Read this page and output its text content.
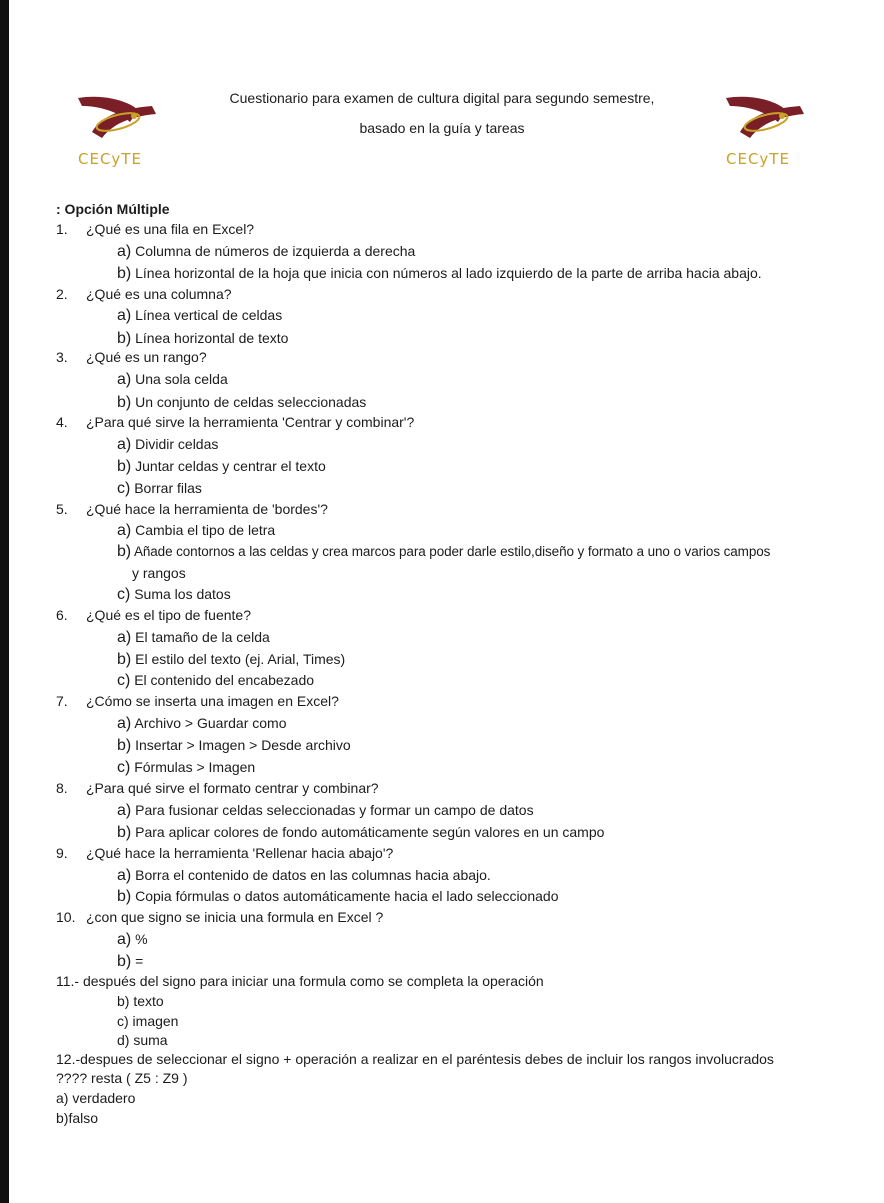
CECyTE	CECyTE
Cuestionario para examen de cultura digital para segundo semestre,
basado en la guía y tareas
: Opción Múltiple
1. ¿Qué es una fila en Excel?
a) Columna de números de izquierda a derecha
b) Línea horizontal de la hoja que inicia con números al lado izquierdo de la parte de arriba hacia abajo.
2. ¿Qué es una columna?
a) Línea vertical de celdas
b) Línea horizontal de texto
3. ¿Qué es un rango?
a) Una sola celda
b) Un conjunto de celdas seleccionadas
4. ¿Para qué sirve la herramienta 'Centrar y combinar'?
a) Dividir celdas
b) Juntar celdas y centrar el texto
c) Borrar filas
5. ¿Qué hace la herramienta de 'bordes'?
a) Cambia el tipo de letra
b) Añade contornos a las celdas y crea marcos para poder darle estilo,diseño y formato a uno o varios campos
y rangos
c) Suma los datos
6. ¿Qué es el tipo de fuente?
a) El tamaño de la celda
b) El estilo del texto (ej. Arial, Times)
c) El contenido del encabezado
7. ¿Cómo se inserta una imagen en Excel?
a) Archivo > Guardar como
b) Insertar > Imagen > Desde archivo
c) Fórmulas > Imagen
8. ¿Para qué sirve el formato centrar y combinar?
a) Para fusionar celdas seleccionadas y formar un campo de datos
b) Para aplicar colores de fondo automáticamente según valores en un campo
9. ¿Qué hace la herramienta 'Rellenar hacia abajo'?
a) Borra el contenido de datos en las columnas hacia abajo.
b) Copia fórmulas o datos automáticamente hacia el lado seleccionado
10. ¿con que signo se inicia una formula en Excel ?
a) %
b) =
11.- después del signo para iniciar una formula como se completa la operación
b) texto
c) imagen
d) suma
12.-despues de seleccionar el signo + operación a realizar en el paréntesis debes de incluir los rangos involucrados
???? resta ( Z5 : Z9 )
a) verdadero
b)falso
